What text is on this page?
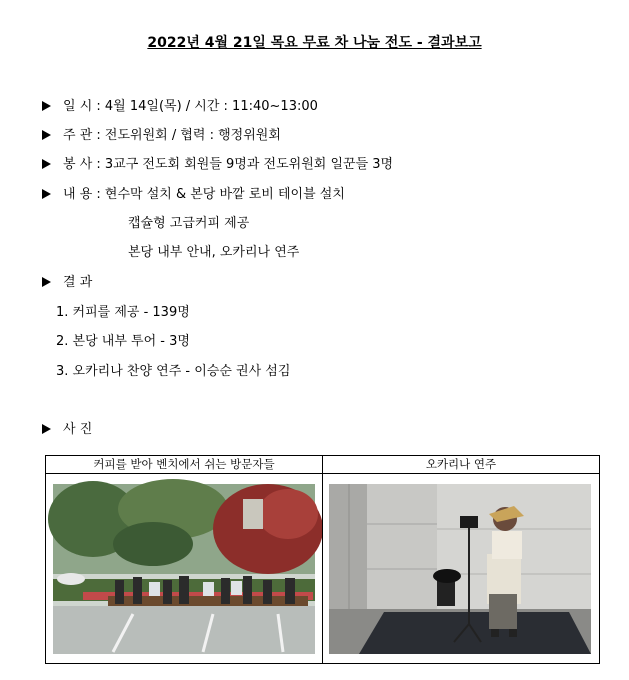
2022년 4월 21일 목요 무료 차 나눔 전도 - 결과보고
일 시 : 4월 14일(목) / 시간 : 11:40~13:00
주 관 : 전도위원회 / 협력 : 행정위원회
봉 사 : 3교구 전도회 회원들 9명과 전도위원회 일꾼들 3명
내 용 : 현수막 설치 & 본당 바깥 로비 테이블 설치
캡슐형 고급커피 제공
본당 내부 안내, 오카리나 연주
결 과
1. 커피를 제공 - 139명
2. 본당 내부 투어 - 3명
3. 오카리나 찬양 연주 - 이승순 권사 섬김
사 진
커피를 받아 벤치에서 쉬는 방문자들	오카리나 연주
